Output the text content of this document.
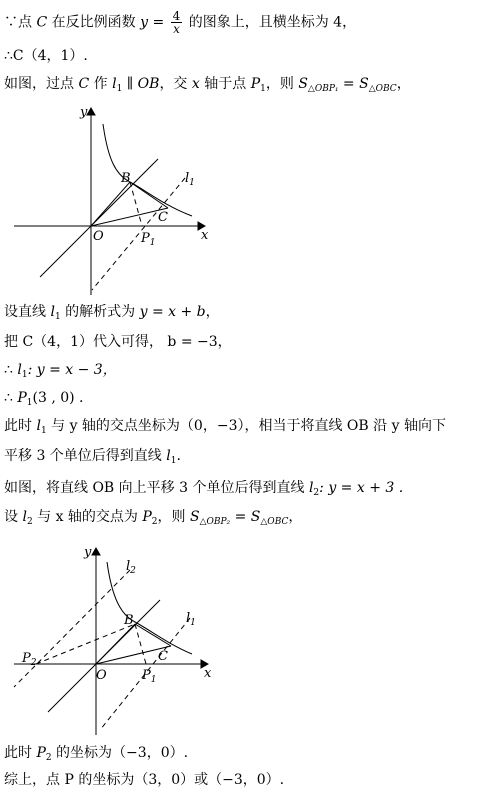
∵点 C 在反比例函数 $y = \frac{4}{x}$ 的图象上，且横坐标为 4，
∴C（4，1）.
如图，过点 C 作 $l_1$ ∥ OB，交 x 轴于点 $P_1$，则 $S_{\triangle OBP_1} = S_{\triangle OBC}$，
y
x
O
B
C
$P_1$
$l_1$
设直线 $l_1$ 的解析式为 y = x + b，
把 C（4，1）代入可得， b = −3，
∴ $l_1$: y = x − 3，
∴ $P_1(3$ , 0) .
此时 $l_1$ 与 y 轴的交点坐标为（0，−3），相当于将直线 OB 沿 y 轴向下
平移 3 个单位后得到直线 $l_1$.
如图，将直线 OB 向上平移 3 个单位后得到直线 $l_2$: y = x + 3 .
设 $l_2$ 与 x 轴的交点为 $P_2$，则 $S_{\triangle OBP_2} = S_{\triangle OBC}$，
y
x
O
B
C
$P_1$
$P_2$
$l_1$
$l_2$
此时 $P_2$ 的坐标为（−3，0）.
综上，点 P 的坐标为（3，0）或（−3，0）.
